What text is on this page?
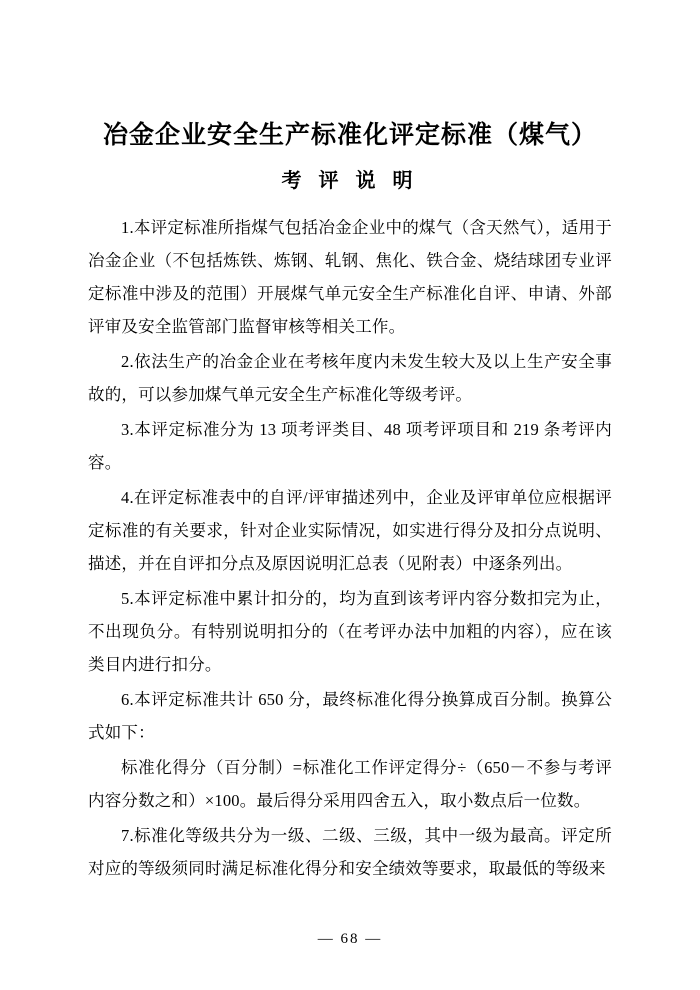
冶金企业安全生产标准化评定标准（煤气）
考 评 说 明

1.本评定标准所指煤气包括冶金企业中的煤气（含天然气），适用于冶金企业（不包括炼铁、炼钢、轧钢、焦化、铁合金、烧结球团专业评定标准中涉及的范围）开展煤气单元安全生产标准化自评、申请、外部评审及安全监管部门监督审核等相关工作。

2.依法生产的冶金企业在考核年度内未发生较大及以上生产安全事故的，可以参加煤气单元安全生产标准化等级考评。

3.本评定标准分为 13 项考评类目、48 项考评项目和 219 条考评内容。

4.在评定标准表中的自评/评审描述列中，企业及评审单位应根据评定标准的有关要求，针对企业实际情况，如实进行得分及扣分点说明、描述，并在自评扣分点及原因说明汇总表（见附表）中逐条列出。

5.本评定标准中累计扣分的，均为直到该考评内容分数扣完为止，不出现负分。有特别说明扣分的（在考评办法中加粗的内容），应在该类目内进行扣分。

6.本评定标准共计 650 分，最终标准化得分换算成百分制。换算公式如下：

标准化得分（百分制）=标准化工作评定得分÷（650－不参与考评内容分数之和）×100。最后得分采用四舍五入，取小数点后一位数。

7.标准化等级共分为一级、二级、三级，其中一级为最高。评定所对应的等级须同时满足标准化得分和安全绩效等要求，取最低的等级来

— 68 —
